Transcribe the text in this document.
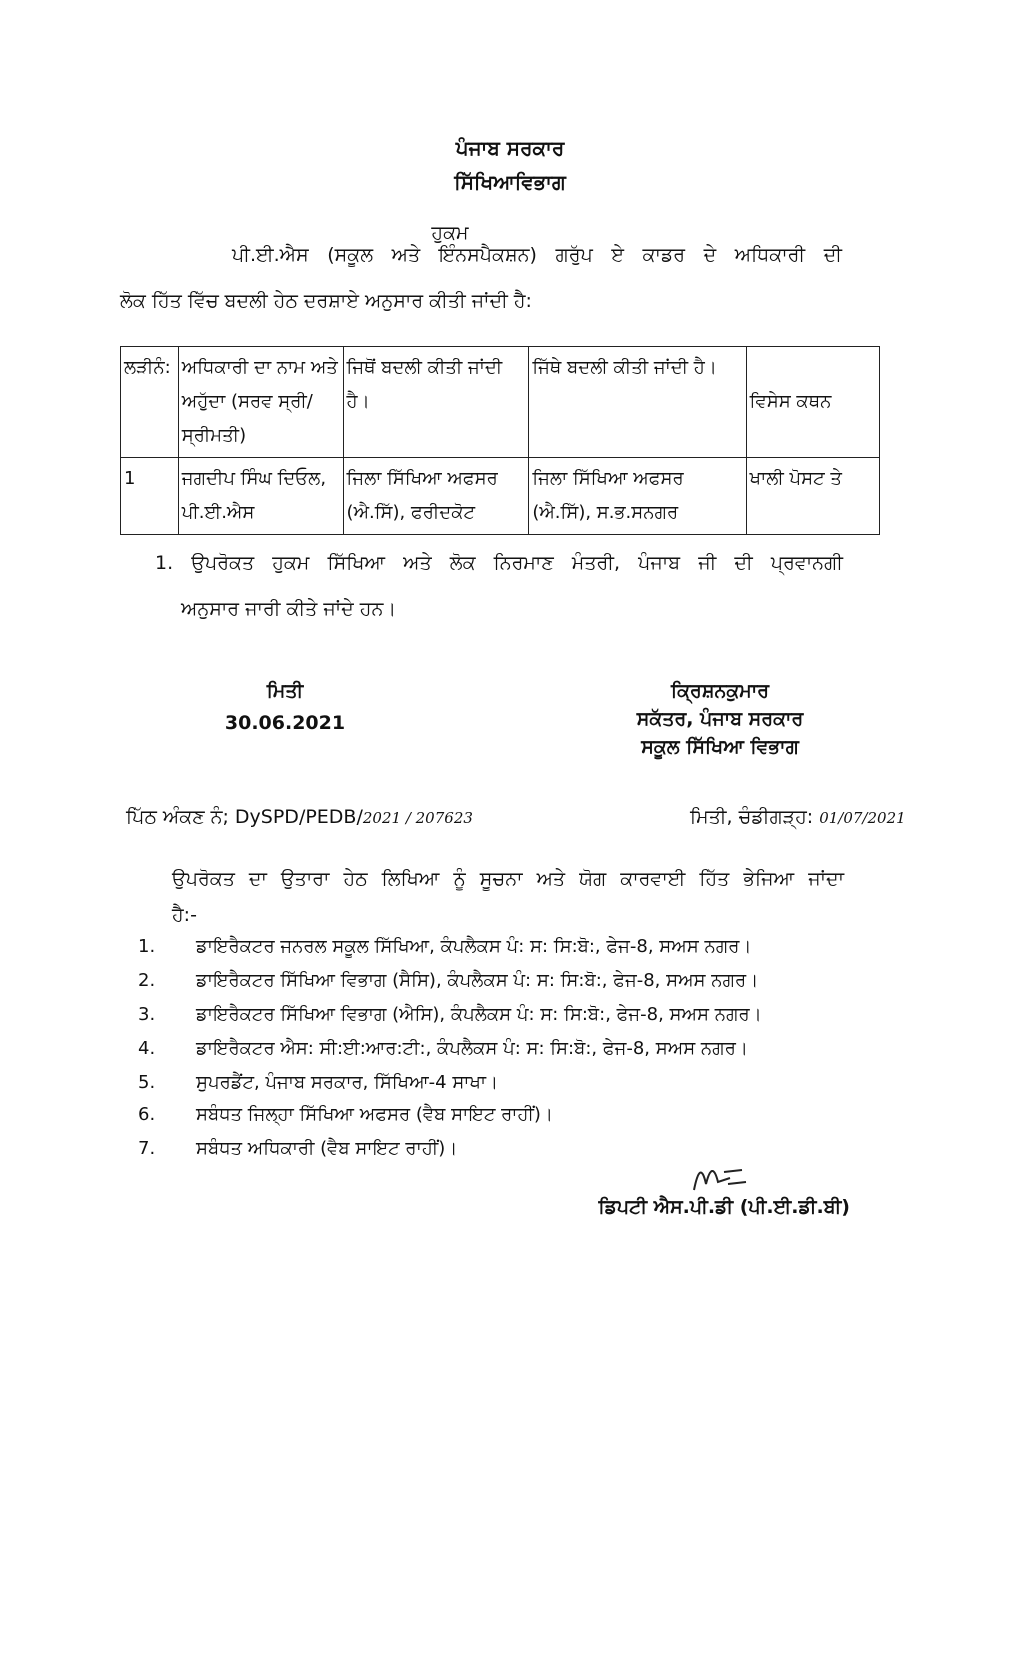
ਪੰਜਾਬ ਸਰਕਾਰ
ਸਿੱਖਿਆਵਿਭਾਗ
ਹੁਕਮ
ਪੀ.ਈ.ਐਸ (ਸਕੂਲ ਅਤੇ ਇੰਨਸਪੈਕਸ਼ਨ) ਗਰੁੱਪ ਏ ਕਾਡਰ ਦੇ ਅਧਿਕਾਰੀ ਦੀ
ਲੋਕ ਹਿੱਤ ਵਿੱਚ ਬਦਲੀ ਹੇਠ ਦਰਸ਼ਾਏ ਅਨੁਸਾਰ ਕੀਤੀ ਜਾਂਦੀ ਹੈ:
ਲੜੀਨੰ:	ਅਧਿਕਾਰੀ ਦਾ ਨਾਮ ਅਤੇ ਅਹੁੱਦਾ (ਸਰਵ ਸ੍ਰੀ/ਸ੍ਰੀਮਤੀ)	ਜਿਥੋਂ ਬਦਲੀ ਕੀਤੀ ਜਾਂਦੀ ਹੈ।	ਜਿੱਥੇ ਬਦਲੀ ਕੀਤੀ ਜਾਂਦੀ ਹੈ।	ਵਿਸੇਸ ਕਥਨ
1	ਜਗਦੀਪ ਸਿੰਘ ਦਿਓਲ, ਪੀ.ਈ.ਐਸ	ਜਿਲਾ ਸਿੱਖਿਆ ਅਫਸਰ (ਐ.ਸਿੱ), ਫਰੀਦਕੋਟ	ਜਿਲਾ ਸਿੱਖਿਆ ਅਫਸਰ (ਐ.ਸਿੱ), ਸ.ਭ.ਸਨਗਰ	ਖਾਲੀ ਪੋਸਟ ਤੇ
1. ਉਪਰੋਕਤ ਹੁਕਮ ਸਿੱਖਿਆ ਅਤੇ ਲੋਕ ਨਿਰਮਾਣ ਮੰਤਰੀ, ਪੰਜਾਬ ਜੀ ਦੀ ਪ੍ਰਵਾਨਗੀ
ਅਨੁਸਾਰ ਜਾਰੀ ਕੀਤੇ ਜਾਂਦੇ ਹਨ।
ਮਿਤੀ
30.06.2021
ਕ੍ਰਿਸ਼ਨਕੁਮਾਰ
ਸਕੱਤਰ, ਪੰਜਾਬ ਸਰਕਾਰ
ਸਕੂਲ ਸਿੱਖਿਆ ਵਿਭਾਗ
ਪਿੱਠ ਅੰਕਣ ਨੰ; DySPD/PEDB/2021 / 207623	ਮਿਤੀ, ਚੰਡੀਗੜ੍ਹ: 01/07/2021
ਉਪਰੋਕਤ ਦਾ ਉਤਾਰਾ ਹੇਠ ਲਿਖਿਆ ਨੂੰ ਸੂਚਨਾ ਅਤੇ ਯੋਗ ਕਾਰਵਾਈ ਹਿੱਤ ਭੇਜਿਆ ਜਾਂਦਾ
ਹੈ:-
1. ਡਾਇਰੈਕਟਰ ਜਨਰਲ ਸਕੂਲ ਸਿੱਖਿਆ, ਕੰਪਲੈਕਸ ਪੰ: ਸ: ਸਿ:ਬੋ:, ਫੇਜ-8, ਸਅਸ ਨਗਰ।
2. ਡਾਇਰੈਕਟਰ ਸਿੱਖਿਆ ਵਿਭਾਗ (ਸੈਸਿ), ਕੰਪਲੈਕਸ ਪੰ: ਸ: ਸਿ:ਬੋ:, ਫੇਜ-8, ਸਅਸ ਨਗਰ।
3. ਡਾਇਰੈਕਟਰ ਸਿੱਖਿਆ ਵਿਭਾਗ (ਐਸਿ), ਕੰਪਲੈਕਸ ਪੰ: ਸ: ਸਿ:ਬੋ:, ਫੇਜ-8, ਸਅਸ ਨਗਰ।
4. ਡਾਇਰੈਕਟਰ ਐਸ: ਸੀ:ਈ:ਆਰ:ਟੀ:, ਕੰਪਲੈਕਸ ਪੰ: ਸ: ਸਿ:ਬੋ:, ਫੇਜ-8, ਸਅਸ ਨਗਰ।
5. ਸੁਪਰਡੈਂਟ, ਪੰਜਾਬ ਸਰਕਾਰ, ਸਿੱਖਿਆ-4 ਸਾਖਾ।
6. ਸਬੰਧਤ ਜਿਲ੍ਹਾ ਸਿੱਖਿਆ ਅਫਸਰ (ਵੈਬ ਸਾਇਟ ਰਾਹੀਂ)।
7. ਸਬੰਧਤ ਅਧਿਕਾਰੀ (ਵੈਬ ਸਾਇਟ ਰਾਹੀਂ)।
ਡਿਪਟੀ ਐਸ.ਪੀ.ਡੀ (ਪੀ.ਈ.ਡੀ.ਬੀ)
